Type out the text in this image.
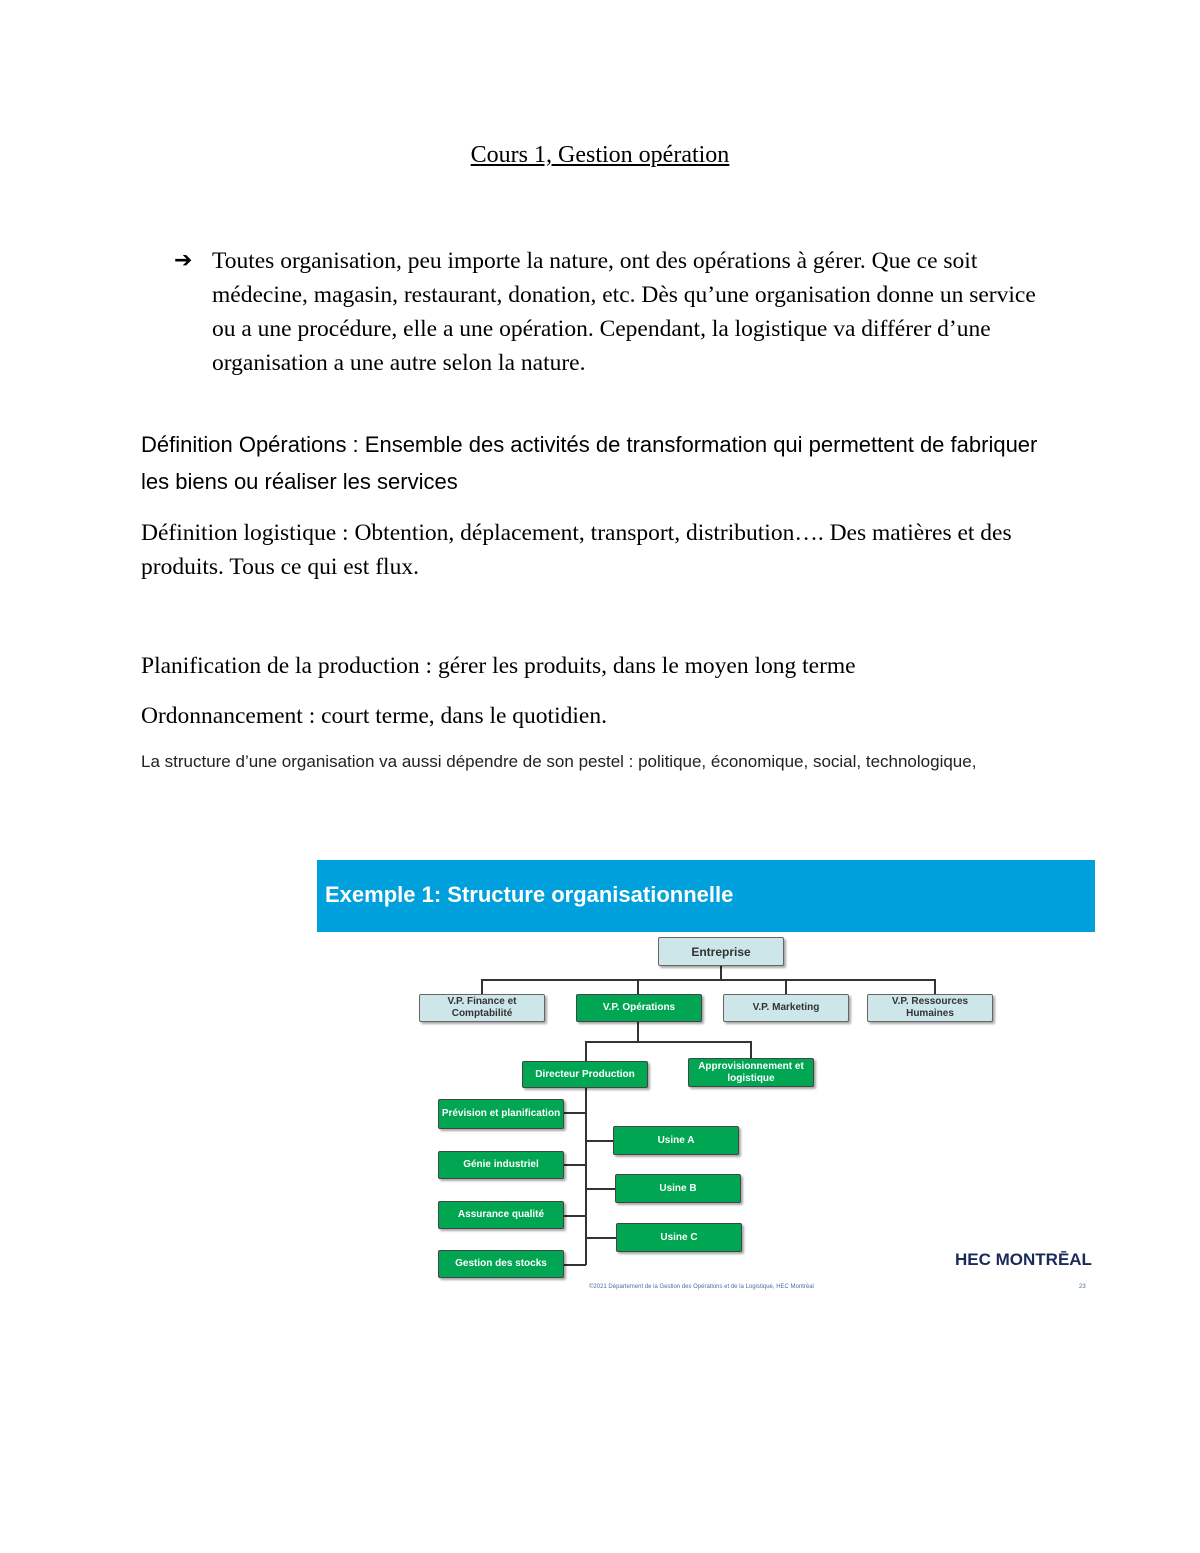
Cours 1, Gestion opération
➔ Toutes organisation, peu importe la nature, ont des opérations à gérer. Que ce soit médecine, magasin, restaurant, donation, etc. Dès qu’une organisation donne un service ou a une procédure, elle a une opération. Cependant, la logistique va différer d’une organisation a une autre selon la nature.
Définition Opérations : Ensemble des activités de transformation qui permettent de fabriquer les biens ou réaliser les services
Définition logistique : Obtention, déplacement, transport, distribution…. Des matières et des produits. Tous ce qui est flux.
Planification de la production : gérer les produits, dans le moyen long terme
Ordonnancement : court terme, dans le quotidien.
La structure d’une organisation va aussi dépendre de son pestel : politique, économique, social, technologique,
Exemple 1: Structure organisationnelle
Entreprise
V.P. Finance et Comptabilité
V.P. Opérations	V.P. Marketing
V.P. Ressources Humaines
Directeur Production
Approvisionnement et logistique
Prévision et planification
Génie industriel
Assurance qualité
Gestion des stocks
Usine A
Usine B
Usine C
HEC MONTRĒAL
©2021 Département de la Gestion des Opérations et de la Logistique, HEC Montréal	23
